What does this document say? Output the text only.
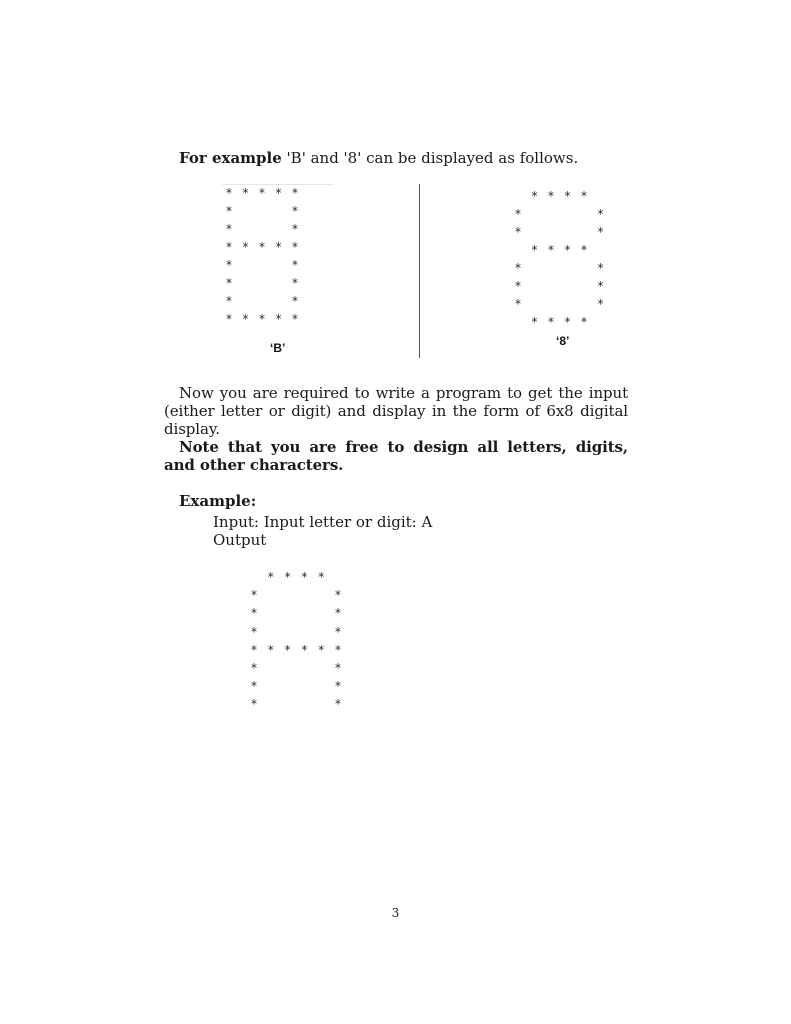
For example 'B' and '8' can be displayed as follows.
* * * * *
*	*
*	*
* * * * *
*	*
*	*
*	*
* * * * *
‘B’
* * * *
*	*
*	*
* * * *
*	*
*	*
*	*
* * * *
‘8’
Now you are required to write a program to get the input (either letter or digit) and display in the form of 6x8 digital display.
Note that you are free to design all letters, digits, and other characters.
Example:
Input: Input letter or digit: A
Output
* * * *
*	*
*	*
*	*
* * * * * *
*	*
*	*
*	*
3
